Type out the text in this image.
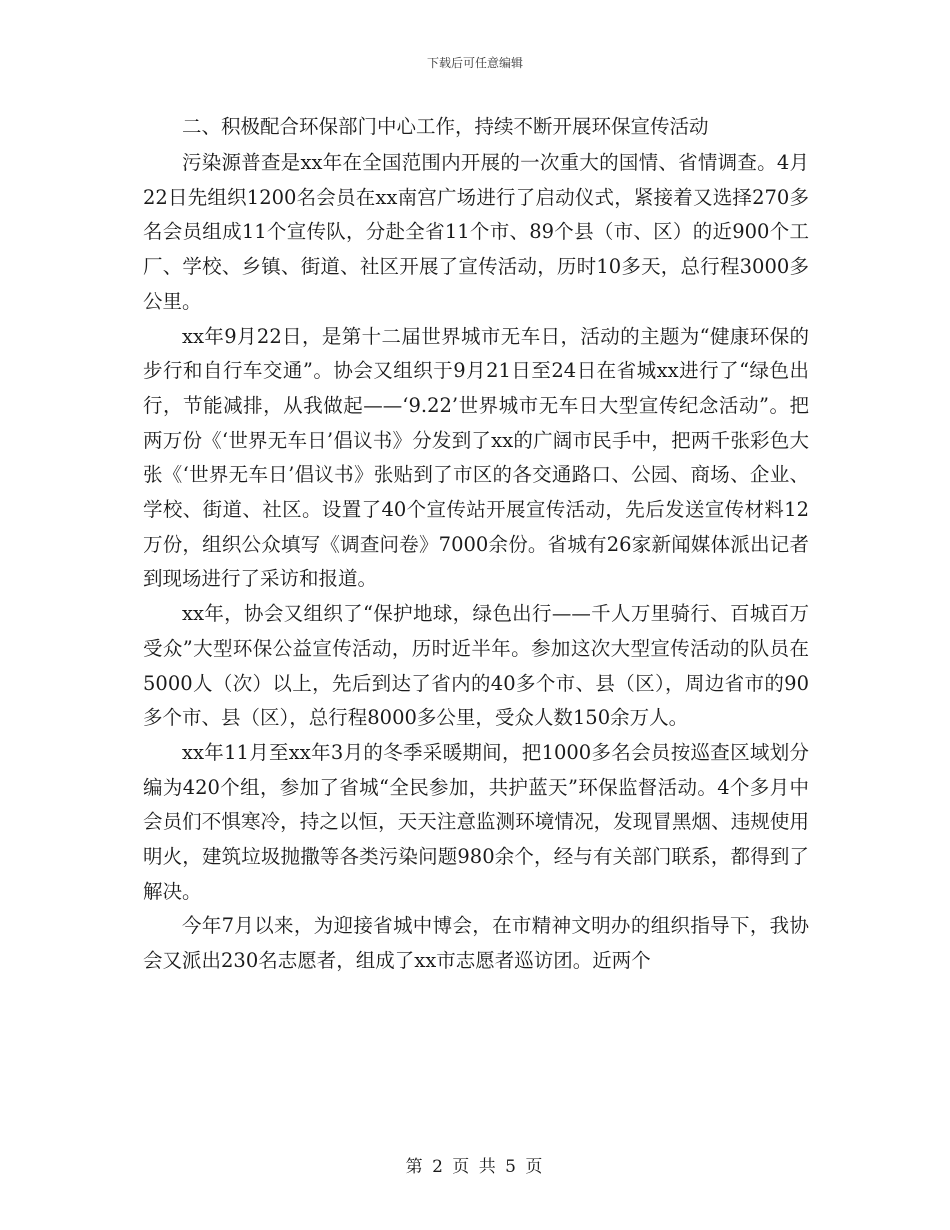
下载后可任意编辑

二、积极配合环保部门中心工作，持续不断开展环保宣传活动

污染源普查是xx年在全国范围内开展的一次重大的国情、省情调查。4月22日先组织1200名会员在xx南宫广场进行了启动仪式，紧接着又选择270多名会员组成11个宣传队，分赴全省11个市、89个县（市、区）的近900个工厂、学校、乡镇、街道、社区开展了宣传活动，历时10多天，总行程3000多公里。

xx年9月22日，是第十二届世界城市无车日，活动的主题为“健康环保的步行和自行车交通”。协会又组织于9月21日至24日在省城xx进行了“绿色出行，节能减排，从我做起——‘9.22’世界城市无车日大型宣传纪念活动”。把两万份《‘世界无车日’倡议书》分发到了xx的广阔市民手中，把两千张彩色大张《‘世界无车日’倡议书》张贴到了市区的各交通路口、公园、商场、企业、学校、街道、社区。设置了40个宣传站开展宣传活动，先后发送宣传材料12万份，组织公众填写《调查问卷》7000余份。省城有26家新闻媒体派出记者到现场进行了采访和报道。

xx年，协会又组织了“保护地球，绿色出行——千人万里骑行、百城百万受众”大型环保公益宣传活动，历时近半年。参加这次大型宣传活动的队员在5000人（次）以上，先后到达了省内的40多个市、县（区），周边省市的90多个市、县（区），总行程8000多公里，受众人数150余万人。

xx年11月至xx年3月的冬季采暖期间，把1000多名会员按巡查区域划分编为420个组，参加了省城“全民参加，共护蓝天”环保监督活动。4个多月中会员们不惧寒冷，持之以恒，天天注意监测环境情况，发现冒黑烟、违规使用明火，建筑垃圾抛撒等各类污染问题980余个，经与有关部门联系，都得到了解决。

今年7月以来，为迎接省城中博会，在市精神文明办的组织指导下，我协会又派出230名志愿者，组成了xx市志愿者巡访团。近两个

第 2 页 共 5 页
